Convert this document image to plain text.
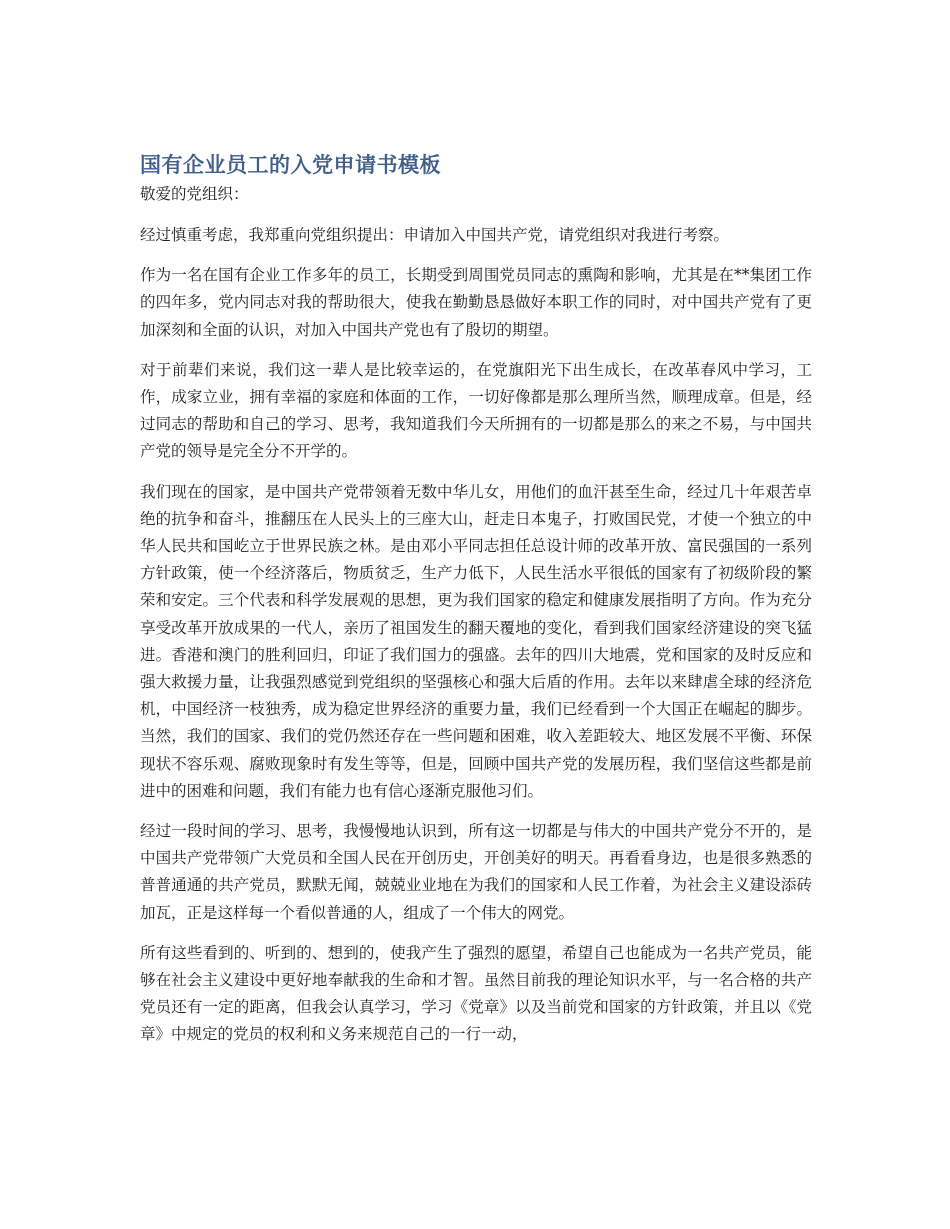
国有企业员工的入党申请书模板

敬爱的党组织：

经过慎重考虑，我郑重向党组织提出：申请加入中国共产党，请党组织对我进行考察。

作为一名在国有企业工作多年的员工，长期受到周围党员同志的熏陶和影响，尤其是在**集团工作的四年多，党内同志对我的帮助很大，使我在勤勤恳恳做好本职工作的同时，对中国共产党有了更加深刻和全面的认识，对加入中国共产党也有了殷切的期望。

对于前辈们来说，我们这一辈人是比较幸运的，在党旗阳光下出生成长，在改革春风中学习，工作，成家立业，拥有幸福的家庭和体面的工作，一切好像都是那么理所当然，顺理成章。但是，经过同志的帮助和自己的学习、思考，我知道我们今天所拥有的一切都是那么的来之不易，与中国共产党的领导是完全分不开学的。

我们现在的国家，是中国共产党带领着无数中华儿女，用他们的血汗甚至生命，经过几十年艰苦卓绝的抗争和奋斗，推翻压在人民头上的三座大山，赶走日本鬼子，打败国民党，才使一个独立的中华人民共和国屹立于世界民族之林。是由邓小平同志担任总设计师的改革开放、富民强国的一系列方针政策，使一个经济落后，物质贫乏，生产力低下，人民生活水平很低的国家有了初级阶段的繁荣和安定。三个代表和科学发展观的思想，更为我们国家的稳定和健康发展指明了方向。作为充分享受改革开放成果的一代人，亲历了祖国发生的翻天覆地的变化，看到我们国家经济建设的突飞猛进。香港和澳门的胜利回归，印证了我们国力的强盛。去年的四川大地震，党和国家的及时反应和强大救援力量，让我强烈感觉到党组织的坚强核心和强大后盾的作用。去年以来肆虐全球的经济危机，中国经济一枝独秀，成为稳定世界经济的重要力量，我们已经看到一个大国正在崛起的脚步。当然，我们的国家、我们的党仍然还存在一些问题和困难，收入差距较大、地区发展不平衡、环保现状不容乐观、腐败现象时有发生等等，但是，回顾中国共产党的发展历程，我们坚信这些都是前进中的困难和问题，我们有能力也有信心逐渐克服他习们。

经过一段时间的学习、思考，我慢慢地认识到，所有这一切都是与伟大的中国共产党分不开的，是中国共产党带领广大党员和全国人民在开创历史，开创美好的明天。再看看身边，也是很多熟悉的普普通通的共产党员，默默无闻，兢兢业业地在为我们的国家和人民工作着，为社会主义建设添砖加瓦，正是这样每一个看似普通的人，组成了一个伟大的网党。

所有这些看到的、听到的、想到的，使我产生了强烈的愿望，希望自己也能成为一名共产党员，能够在社会主义建设中更好地奉献我的生命和才智。虽然目前我的理论知识水平，与一名合格的共产党员还有一定的距离，但我会认真学习，学习《党章》以及当前党和国家的方针政策，并且以《党章》中规定的党员的权利和义务来规范自己的一行一动，
